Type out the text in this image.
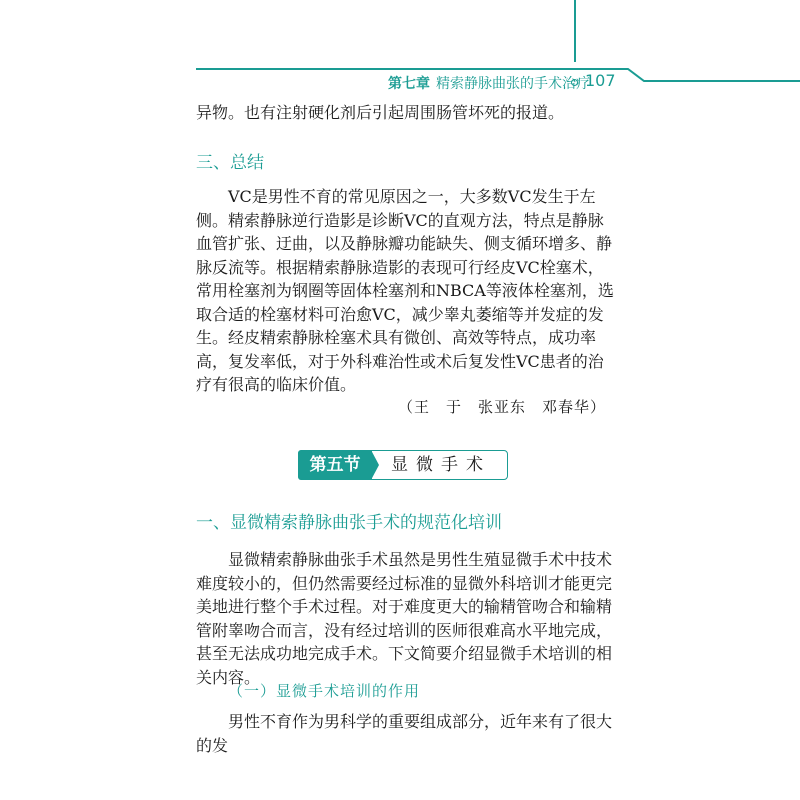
第七章 精索静脉曲张的手术治疗
107
异物。也有注射硬化剂后引起周围肠管坏死的报道。
三、总结
VC是男性不育的常见原因之一，大多数VC发生于左侧。精索静脉逆行造影是诊断VC的直观方法，特点是静脉血管扩张、迂曲，以及静脉瓣功能缺失、侧支循环增多、静脉反流等。根据精索静脉造影的表现可行经皮VC栓塞术，常用栓塞剂为钢圈等固体栓塞剂和NBCA等液体栓塞剂，选取合适的栓塞材料可治愈VC，减少睾丸萎缩等并发症的发生。经皮精索静脉栓塞术具有微创、高效等特点，成功率高，复发率低，对于外科难治性或术后复发性VC患者的治疗有很高的临床价值。
（王　于　张亚东　邓春华）
第五节	显微手术
一、显微精索静脉曲张手术的规范化培训
显微精索静脉曲张手术虽然是男性生殖显微手术中技术难度较小的，但仍然需要经过标准的显微外科培训才能更完美地进行整个手术过程。对于难度更大的输精管吻合和输精管附睾吻合而言，没有经过培训的医师很难高水平地完成，甚至无法成功地完成手术。下文简要介绍显微手术培训的相关内容。
（一）显微手术培训的作用
男性不育作为男科学的重要组成部分，近年来有了很大的发
